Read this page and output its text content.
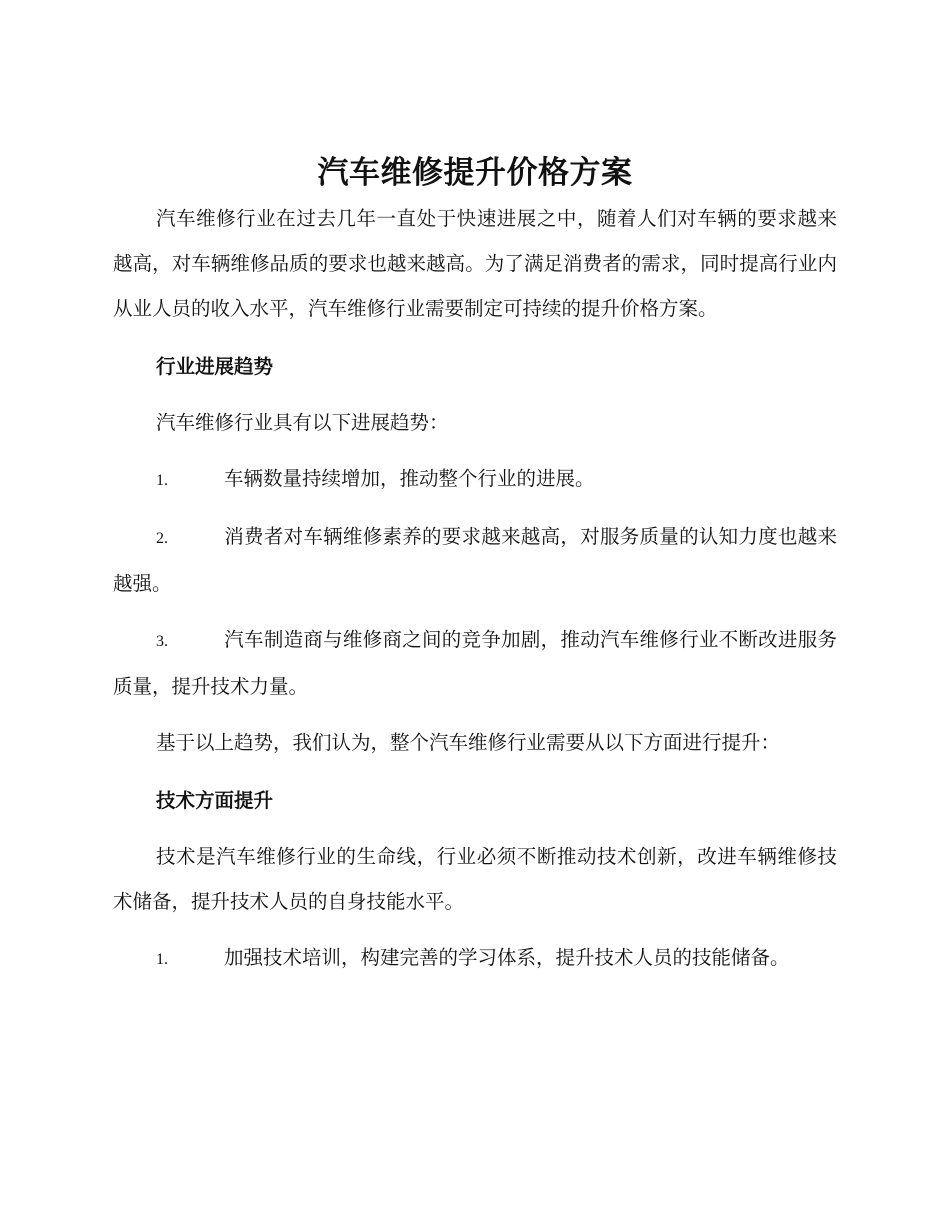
汽车维修提升价格方案

汽车维修行业在过去几年一直处于快速进展之中，随着人们对车辆的要求越来越高，对车辆维修品质的要求也越来越高。为了满足消费者的需求，同时提高行业内从业人员的收入水平，汽车维修行业需要制定可持续的提升价格方案。

行业进展趋势

汽车维修行业具有以下进展趋势：

1.	车辆数量持续增加，推动整个行业的进展。

2.	消费者对车辆维修素养的要求越来越高，对服务质量的认知力度也越来越强。

3.	汽车制造商与维修商之间的竞争加剧，推动汽车维修行业不断改进服务质量，提升技术力量。

基于以上趋势，我们认为，整个汽车维修行业需要从以下方面进行提升：

技术方面提升

技术是汽车维修行业的生命线，行业必须不断推动技术创新，改进车辆维修技术储备，提升技术人员的自身技能水平。

1.	加强技术培训，构建完善的学习体系，提升技术人员的技能储备。
